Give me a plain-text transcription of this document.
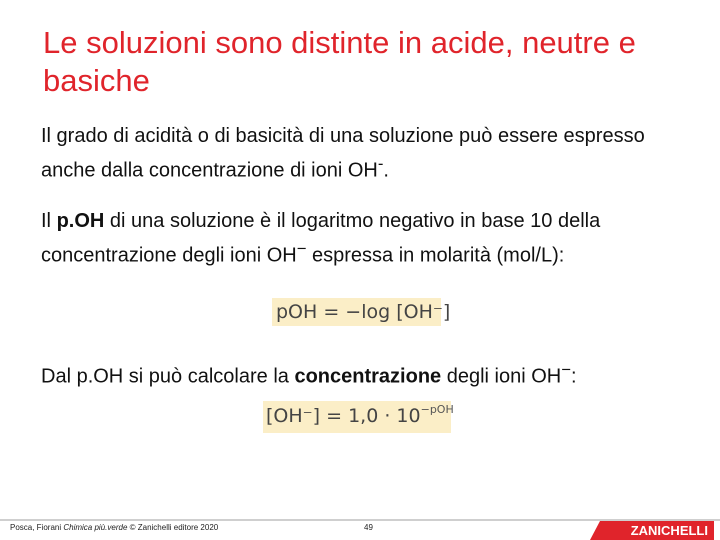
Le soluzioni sono distinte in acide, neutre e basiche
Il grado di acidità o di basicità di una soluzione può essere espresso anche dalla concentrazione di ioni OH-.
Il p.OH di una soluzione è il logaritmo negativo in base 10 della concentrazione degli ioni OH− espressa in molarità (mol/L):
pOH = −log [OH⁻]
Dal p.OH si può calcolare la concentrazione degli ioni OH−:
$[OH^-] = 1,0 \cdot 10^{-pOH}$
Posca, Fiorani Chimica più.verde © Zanichelli editore 2020	49	ZANICHELLI
